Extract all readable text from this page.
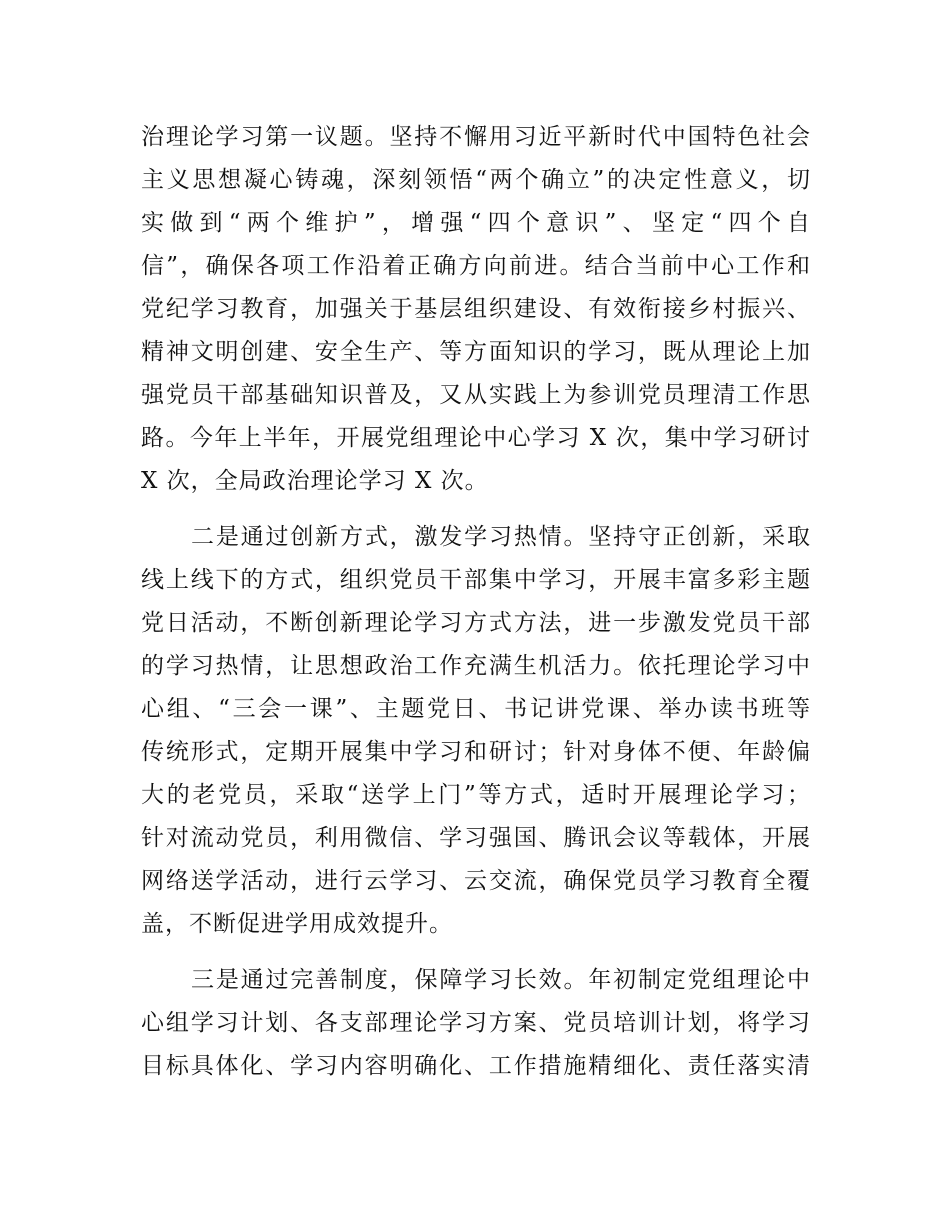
治理论学习第一议题。坚持不懈用习近平新时代中国特色社会
主义思想凝心铸魂，深刻领悟“两个确立”的决定性意义，切
实做到“两个维护”，增强“四个意识”、坚定“四个自
信”，确保各项工作沿着正确方向前进。结合当前中心工作和
党纪学习教育，加强关于基层组织建设、有效衔接乡村振兴、
精神文明创建、安全生产、等方面知识的学习，既从理论上加
强党员干部基础知识普及，又从实践上为参训党员理清工作思
路。今年上半年，开展党组理论中心学习 X 次，集中学习研讨
X 次，全局政治理论学习 X 次。
二是通过创新方式，激发学习热情。坚持守正创新，采取
线上线下的方式，组织党员干部集中学习，开展丰富多彩主题
党日活动，不断创新理论学习方式方法，进一步激发党员干部
的学习热情，让思想政治工作充满生机活力。依托理论学习中
心组、“三会一课”、主题党日、书记讲党课、举办读书班等
传统形式，定期开展集中学习和研讨；针对身体不便、年龄偏
大的老党员，采取“送学上门”等方式，适时开展理论学习；
针对流动党员，利用微信、学习强国、腾讯会议等载体，开展
网络送学活动，进行云学习、云交流，确保党员学习教育全覆
盖，不断促进学用成效提升。
三是通过完善制度，保障学习长效。年初制定党组理论中
心组学习计划、各支部理论学习方案、党员培训计划，将学习
目标具体化、学习内容明确化、工作措施精细化、责任落实清
